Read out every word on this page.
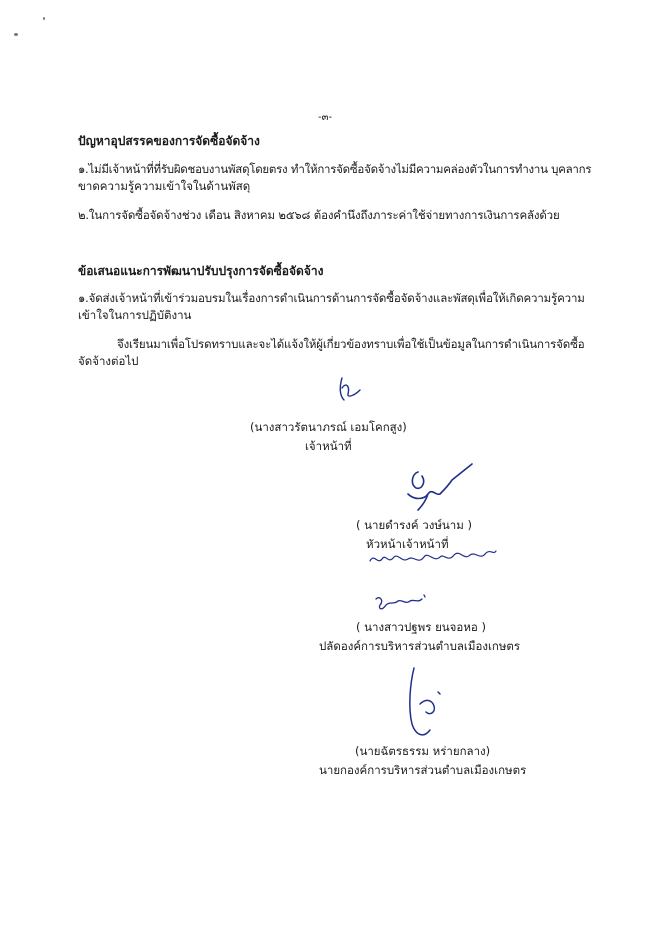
-๓-
ปัญหาอุปสรรคของการจัดซื้อจัดจ้าง
๑.ไม่มีเจ้าหน้าที่ที่รับผิดชอบงานพัสดุโดยตรง ทำให้การจัดซื้อจัดจ้างไม่มีความคล่องตัวในการทำงาน บุคลากร
ขาดความรู้ความเข้าใจในด้านพัสดุ
๒.ในการจัดซื้อจัดจ้างช่วง เดือน สิงหาคม ๒๕๖๘ ต้องคำนึงถึงภาระค่าใช้จ่ายทางการเงินการคลังด้วย
ข้อเสนอแนะการพัฒนาปรับปรุงการจัดซื้อจัดจ้าง
๑.จัดส่งเจ้าหน้าที่เข้าร่วมอบรมในเรื่องการดำเนินการด้านการจัดซื้อจัดจ้างและพัสดุเพื่อให้เกิดความรู้ความ
เข้าใจในการปฏิบัติงาน
จึงเรียนมาเพื่อโปรดทราบและจะได้แจ้งให้ผู้เกี่ยวข้องทราบเพื่อใช้เป็นข้อมูลในการดำเนินการจัดซื้อ
จัดจ้างต่อไป
(นางสาวรัตนาภรณ์ เอมโคกสูง)
เจ้าหน้าที่
( นายดำรงค์ วงษ์นาม )
หัวหน้าเจ้าหน้าที่
( นางสาวปฐพร ยนจอหอ )
ปลัดองค์การบริหารส่วนตำบลเมืองเกษตร
(นายฉัตรธรรม หร่ายกลาง)
นายกองค์การบริหารส่วนตำบลเมืองเกษตร
